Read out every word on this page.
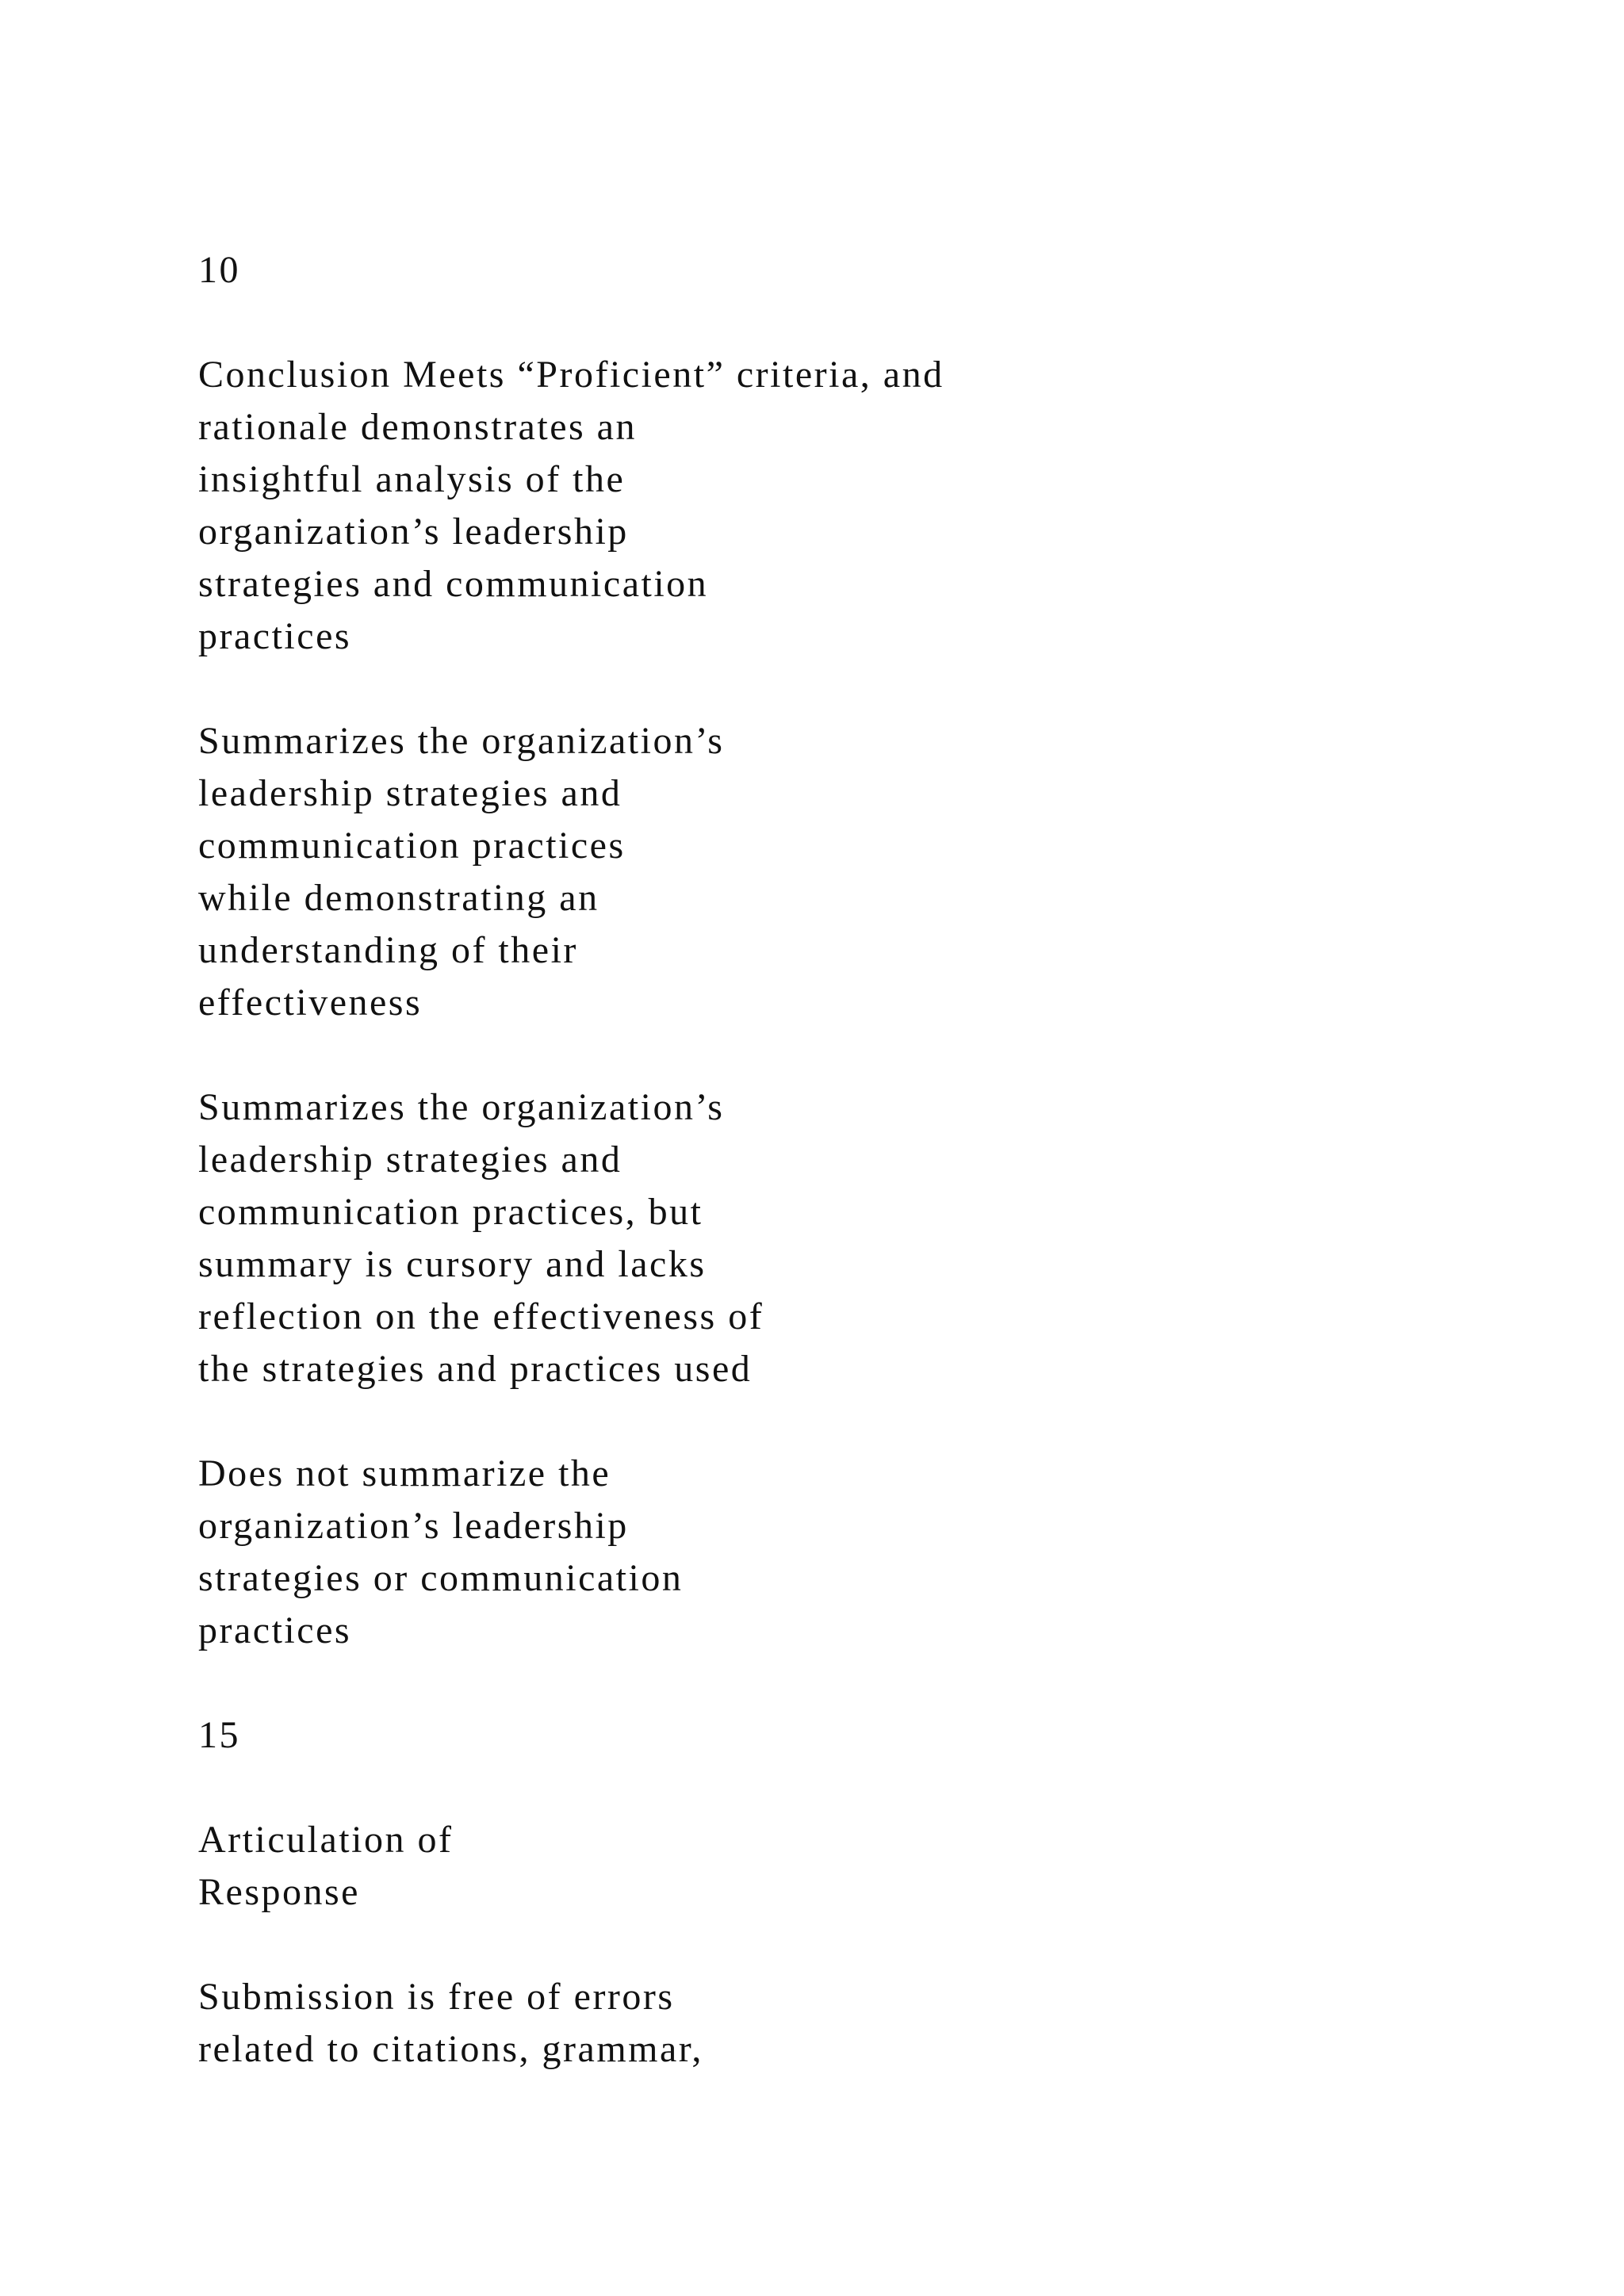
10

Conclusion Meets “Proficient” criteria, and
rationale demonstrates an
insightful analysis of the
organization’s leadership
strategies and communication
practices

Summarizes the organization’s
leadership strategies and
communication practices
while demonstrating an
understanding of their
effectiveness

Summarizes the organization’s
leadership strategies and
communication practices, but
summary is cursory and lacks
reflection on the effectiveness of
the strategies and practices used

Does not summarize the
organization’s leadership
strategies or communication
practices

15

Articulation of
Response

Submission is free of errors
related to citations, grammar,
